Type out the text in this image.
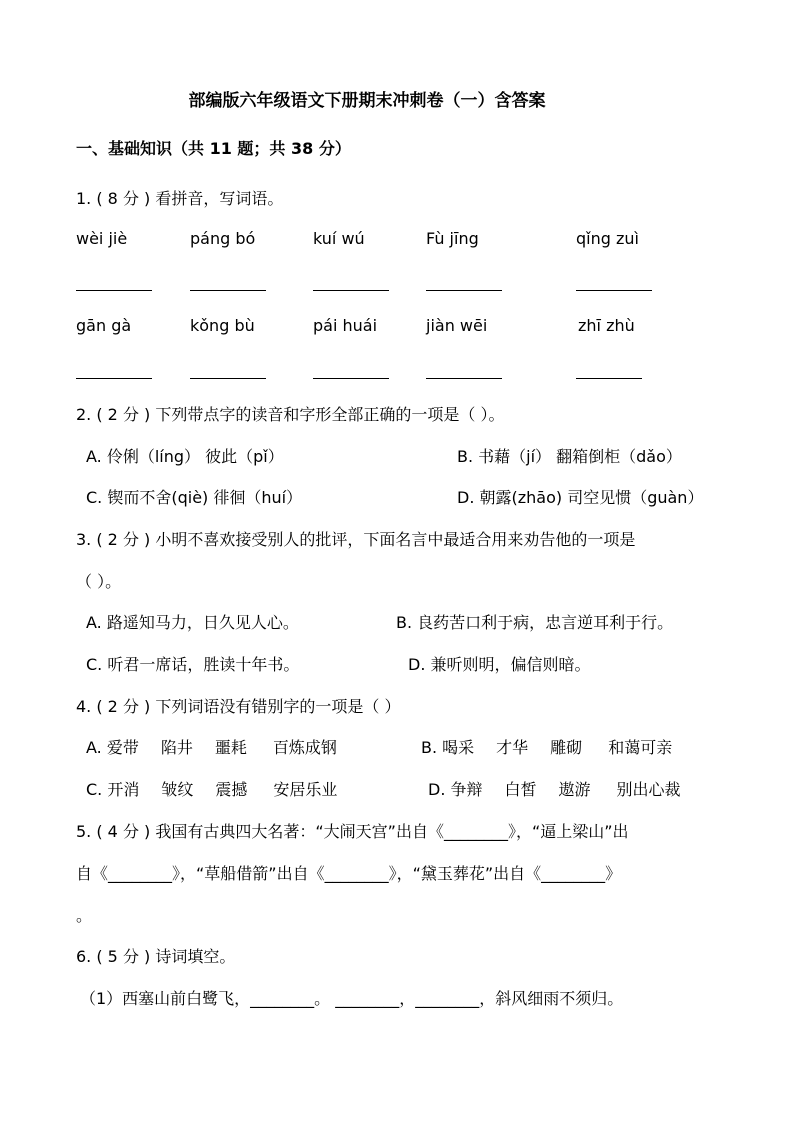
部编版六年级语文下册期末冲刺卷（一）含答案
一、基础知识（共 11 题；共 38 分）
1. ( 8 分 ) 看拼音，写词语。
wèi jiè	páng bó	kuí wú	Fù jīng	qǐng zuì
gān gà	kǒng bù	pái huái	jiàn wēi	zhī zhù
2. ( 2 分 ) 下列带点字的读音和字形全部正确的一项是（ ）。
A. 伶俐（líng） 彼此（pǐ）	B. 书藉（jí） 翻箱倒柜（dǎo）
C. 锲而不舍(qiè) 徘徊（huí）	D. 朝露(zhāo) 司空见惯（guàn）
3. ( 2 分 ) 小明不喜欢接受别人的批评，下面名言中最适合用来劝告他的一项是
（ ）。
A. 路遥知马力，日久见人心。	B. 良药苦口利于病，忠言逆耳利于行。
C. 听君一席话，胜读十年书。	D. 兼听则明，偏信则暗。
4. ( 2 分 ) 下列词语没有错别字的一项是（ ）
A. 爱带 陷井 噩耗 百炼成钢	B. 喝采 才华 雕砌 和蔼可亲
C. 开消 皱纹 震撼 安居乐业	D. 争辩 白皙 遨游 别出心裁
5. ( 4 分 ) 我国有古典四大名著：“大闹天宫”出自《________》，“逼上梁山”出
自《________》，“草船借箭”出自《________》，“黛玉葬花”出自《________》
。
6. ( 5 分 ) 诗词填空。
（1）西塞山前白鹭飞，________。 ________，________，斜风细雨不须归。
